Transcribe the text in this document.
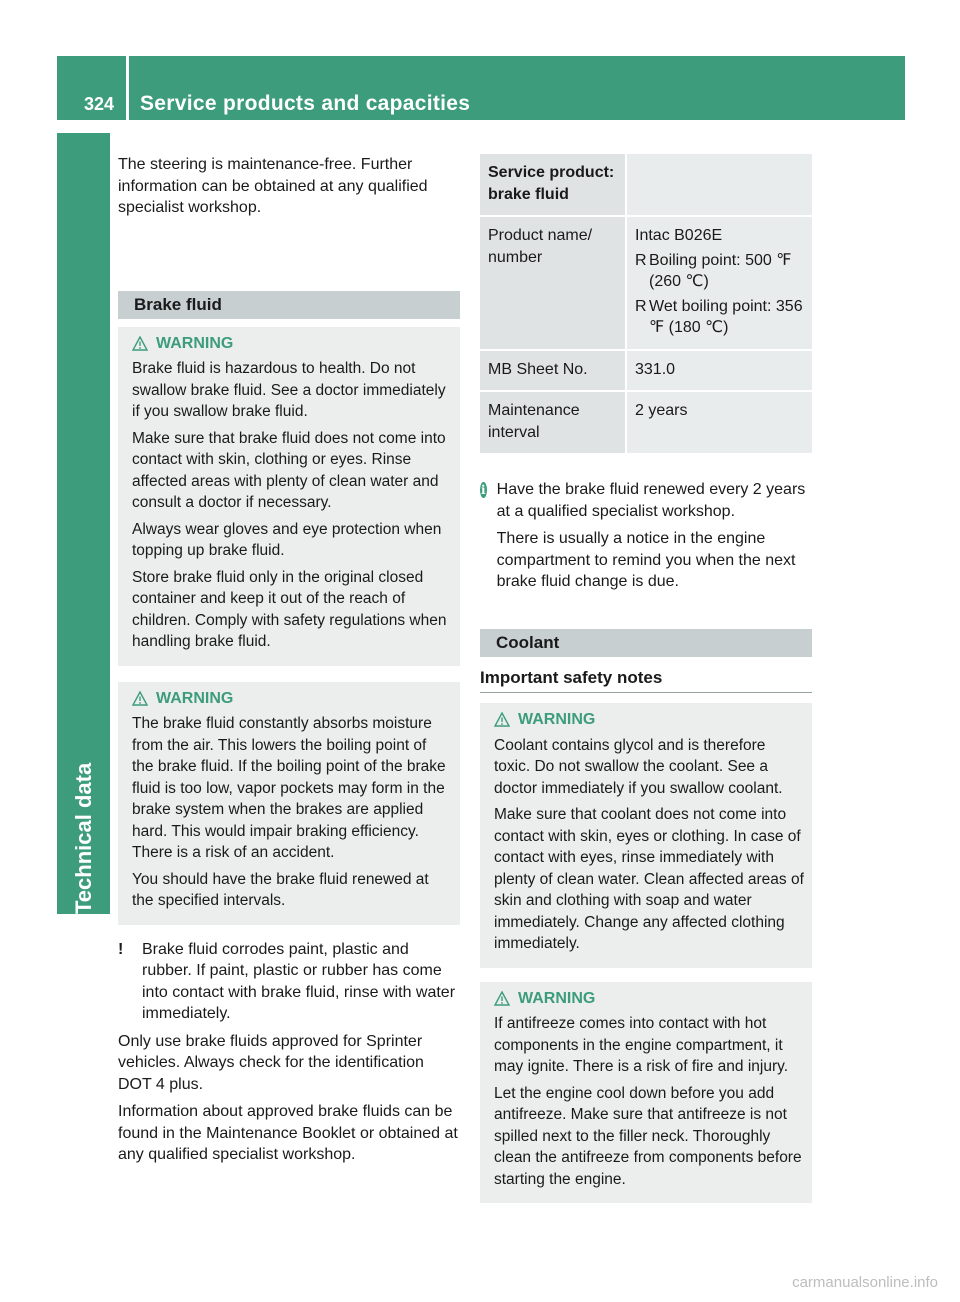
324 Service products and capacities
Technical data

The steering is maintenance-free. Further information can be obtained at any qualified specialist workshop.

Brake fluid
WARNING

Brake fluid is hazardous to health. Do not swallow brake fluid. See a doctor immediately if you swallow brake fluid.

Make sure that brake fluid does not come into contact with skin, clothing or eyes. Rinse affected areas with plenty of clean water and consult a doctor if necessary.

Always wear gloves and eye protection when topping up brake fluid.

Store brake fluid only in the original closed container and keep it out of the reach of children. Comply with safety regulations when handling brake fluid.

WARNING

The brake fluid constantly absorbs moisture from the air. This lowers the boiling point of the brake fluid. If the boiling point of the brake fluid is too low, vapor pockets may form in the brake system when the brakes are applied hard. This would impair braking efficiency. There is a risk of an accident.

You should have the brake fluid renewed at the specified intervals.

!	Brake fluid corrodes paint, plastic and rubber. If paint, plastic or rubber has come into contact with brake fluid, rinse with water immediately.

Only use brake fluids approved for Sprinter vehicles. Always check for the identification DOT 4 plus.

Information about approved brake fluids can be found in the Maintenance Booklet or obtained at any qualified specialist workshop.

Service product: brake fluid	
Product name/ number	Intac B026E
R Boiling point: 500 ℉ (260 ℃)
R Wet boiling point: 356 ℉ (180 ℃)

MB Sheet No.	331.0
Maintenance interval	2 years
i Have the brake fluid renewed every 2 years at a qualified specialist workshop.

There is usually a notice in the engine compartment to remind you when the next brake fluid change is due.

Coolant
Important safety notes
WARNING

Coolant contains glycol and is therefore toxic. Do not swallow the coolant. See a doctor immediately if you swallow coolant.

Make sure that coolant does not come into contact with skin, eyes or clothing. In case of contact with eyes, rinse immediately with plenty of clean water. Clean affected areas of skin and clothing with soap and water immediately. Change any affected clothing immediately.

WARNING

If antifreeze comes into contact with hot components in the engine compartment, it may ignite. There is a risk of fire and injury.

Let the engine cool down before you add antifreeze. Make sure that antifreeze is not spilled next to the filler neck. Thoroughly clean the antifreeze from components before starting the engine.

carmanualsonline.info
